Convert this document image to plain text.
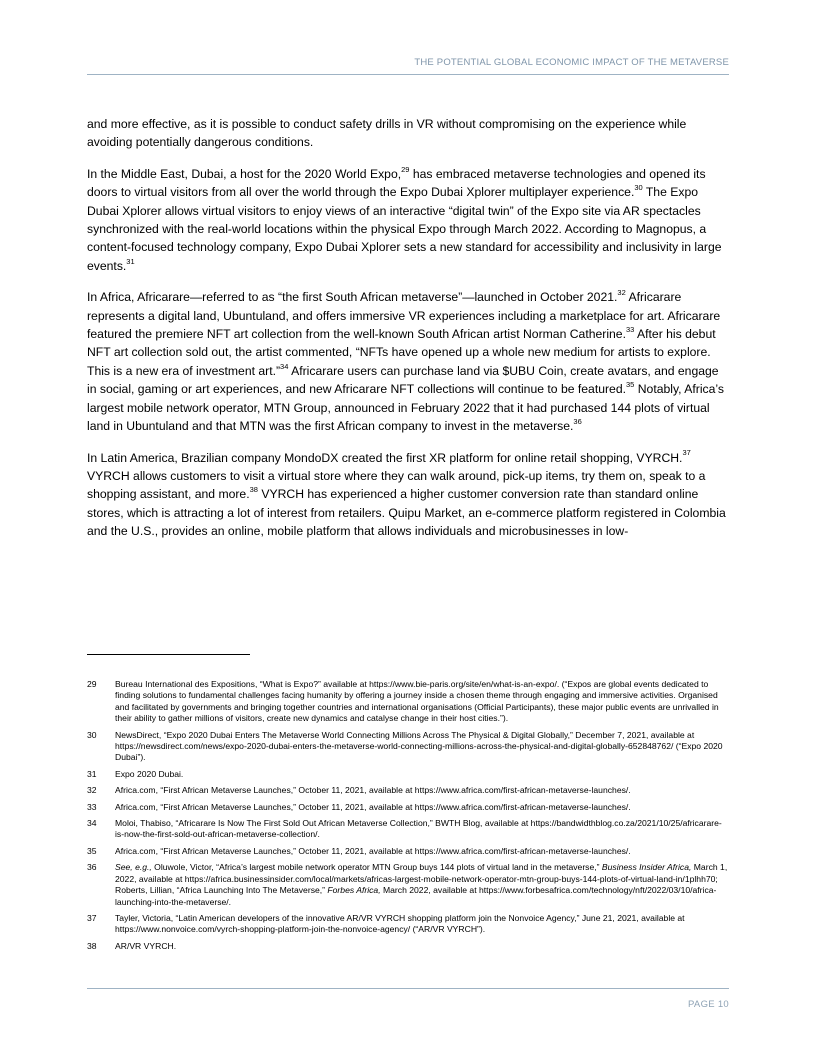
THE POTENTIAL GLOBAL ECONOMIC IMPACT OF THE METAVERSE

and more effective, as it is possible to conduct safety drills in VR without compromising on the experience while avoiding potentially dangerous conditions.

In the Middle East, Dubai, a host for the 2020 World Expo,$^{29}$ has embraced metaverse technologies and opened its doors to virtual visitors from all over the world through the Expo Dubai Xplorer multiplayer experience.$^{30}$ The Expo Dubai Xplorer allows virtual visitors to enjoy views of an interactive “digital twin” of the Expo site via AR spectacles synchronized with the real-world locations within the physical Expo through March 2022. According to Magnopus, a content-focused technology company, Expo Dubai Xplorer sets a new standard for accessibility and inclusivity in large events.$^{31}$

In Africa, Africarare—referred to as “the first South African metaverse”—launched in October 2021.32 Africarare represents a digital land, Ubuntuland, and offers immersive VR experiences including a marketplace for art. Africarare featured the premiere NFT art collection from the well-known South African artist Norman Catherine.$^{33}$ After his debut NFT art collection sold out, the artist commented, “NFTs have opened up a whole new medium for artists to explore. This is a new era of investment art.”$^{34}$ Africarare users can purchase land via $UBU Coin, create avatars, and engage in social, gaming or art experiences, and new Africarare NFT collections will continue to be featured.$^{35}$ Notably, Africa’s largest mobile network operator, MTN Group, announced in February 2022 that it had purchased 144 plots of virtual land in Ubuntuland and that MTN was the first African company to invest in the metaverse.$^{36}$

In Latin America, Brazilian company MondoDX created the first XR platform for online retail shopping, VYRCH.$^{37}$ VYRCH allows customers to visit a virtual store where they can walk around, pick-up items, try them on, speak to a shopping assistant, and more.$^{38}$ VYRCH has experienced a higher customer conversion rate than standard online stores, which is attracting a lot of interest from retailers. Quipu Market, an e-commerce platform registered in Colombia and the U.S., provides an online, mobile platform that allows individuals and microbusinesses in low-

29	Bureau International des Expositions, “What is Expo?” available at https://www.bie-paris.org/site/en/what-is-an-expo/. (“Expos are global events dedicated to finding solutions to fundamental challenges facing humanity by offering a journey inside a chosen theme through engaging and immersive activities. Organised and facilitated by governments and bringing together countries and international organisations (Official Participants), these major public events are unrivalled in their ability to gather millions of visitors, create new dynamics and catalyse change in their host cities.”).
30	NewsDirect, “Expo 2020 Dubai Enters The Metaverse World Connecting Millions Across The Physical & Digital Globally,” December 7, 2021, available at https://newsdirect.com/news/expo-2020-dubai-enters-the-metaverse-world-connecting-millions-across-the-physical-and-digital-globally-652848762/ (“Expo 2020 Dubai”).
31	Expo 2020 Dubai.
32	Africa.com, “First African Metaverse Launches,” October 11, 2021, available at https://www.africa.com/first-african-metaverse-launches/.
33	Africa.com, “First African Metaverse Launches,” October 11, 2021, available at https://www.africa.com/first-african-metaverse-launches/.
34	Moloi, Thabiso, “Africarare Is Now The First Sold Out African Metaverse Collection,” BWTH Blog, available at https://bandwidthblog.co.za/2021/10/25/africarare-is-now-the-first-sold-out-african-metaverse-collection/.
35	Africa.com, “First African Metaverse Launches,” October 11, 2021, available at https://www.africa.com/first-african-metaverse-launches/.
36	See, e.g., Oluwole, Victor, “Africa’s largest mobile network operator MTN Group buys 144 plots of virtual land in the metaverse,” Business Insider Africa, March 1, 2022, available at https://africa.businessinsider.com/local/markets/africas-largest-mobile-network-operator-mtn-group-buys-144-plots-of-virtual-land-in/1plhh70; Roberts, Lillian, “Africa Launching Into The Metaverse,” Forbes Africa, March 2022, available at https://www.forbesafrica.com/technology/nft/2022/03/10/africa-launching-into-the-metaverse/.
37	Tayler, Victoria, “Latin American developers of the innovative AR/VR VYRCH shopping platform join the Nonvoice Agency,” June 21, 2021, available at https://www.nonvoice.com/vyrch-shopping-platform-join-the-nonvoice-agency/ (“AR/VR VYRCH”).
38	AR/VR VYRCH.
PAGE 10
